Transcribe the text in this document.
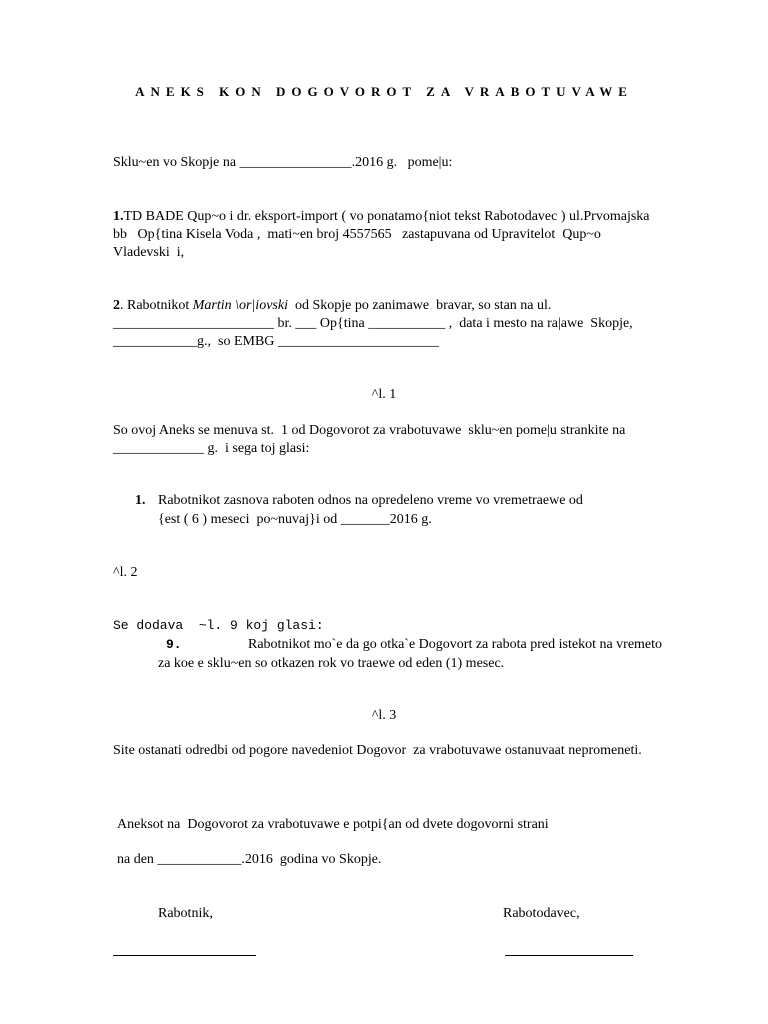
ANEKS KON DOGOVOROT ZA VRABOTUVAWE
Sklu~en vo Skopje na ________________.2016 g.   pome|u:
1.TD BADE Qup~o i dr. eksport-import ( vo ponatamo{niot tekst Rabotodavec ) ul.Prvomajska
bb   Op{tina Kisela Voda ,  mati~en broj 4557565   zastapuvana od Upravitelot  Qup~o
Vladevski  i,
2. Rabotnikot Martin \or|iovski  od Skopje po zanimawe  bravar, so stan na ul.
_______________________ br. ___ Op{tina ___________ ,  data i mesto na ra|awe  Skopje,
____________g.,  so EMBG _______________________
^l. 1
So ovoj Aneks se menuva st.  1 od Dogovorot za vrabotuvawe  sklu~en pome|u strankite na
_____________ g.  i sega toj glasi:
1. Rabotnikot zasnova raboten odnos na opredeleno vreme vo vremetraewe od
{est ( 6 ) meseci  po~nuvaj}i od _______2016 g.
^l. 2
Se dodava  ~l. 9 koj glasi:
9.	Rabotnikot mo`e da go otka`e Dogovort za rabota pred istekot na vremeto
za koe e sklu~en so otkazen rok vo traewe od eden (1) mesec.
^l. 3
Site ostanati odredbi od pogore navedeniot Dogovor  za vrabotuvawe ostanuvaat nepromeneti.
Aneksot na  Dogovorot za vrabotuvawe e potpi{an od dvete dogovorni strani
na den ____________.2016  godina vo Skopje.
Rabotnik,	Rabotodavec,
